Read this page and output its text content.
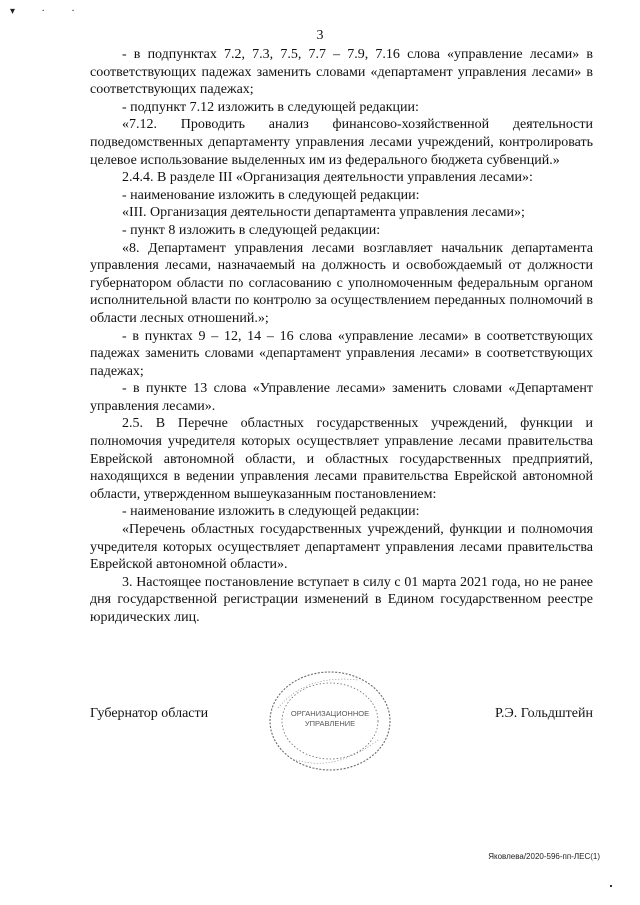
▾ · ·
3

- в подпунктах 7.2, 7.3, 7.5, 7.7 – 7.9, 7.16 слова «управление лесами» в соответствующих падежах заменить словами «департамент управления лесами» в соответствующих падежах;

- подпункт 7.12 изложить в следующей редакции:

«7.12. Проводить анализ финансово-хозяйственной деятельности подведомственных департаменту управления лесами учреждений, контролировать целевое использование выделенных им из федерального бюджета субвенций.»

2.4.4. В разделе III «Организация деятельности управления лесами»:

- наименование изложить в следующей редакции:

«III. Организация деятельности департамента управления лесами»;

- пункт 8 изложить в следующей редакции:

«8. Департамент управления лесами возглавляет начальник департамента управления лесами, назначаемый на должность и освобождаемый от должности губернатором области по согласованию с уполномоченным федеральным органом исполнительной власти по контролю за осуществлением переданных полномочий в области лесных отношений.»;

- в пунктах 9 – 12, 14 – 16 слова «управление лесами» в соответствующих падежах заменить словами «департамент управления лесами» в соответствующих падежах;

- в пункте 13 слова «Управление лесами» заменить словами «Департамент управления лесами».

2.5. В Перечне областных государственных учреждений, функции и полномочия учредителя которых осуществляет управление лесами правительства Еврейской автономной области, и областных государственных предприятий, находящихся в ведении управления лесами правительства Еврейской автономной области, утвержденном вышеуказанным постановлением:

- наименование изложить в следующей редакции:

«Перечень областных государственных учреждений, функции и полномочия учредителя которых осуществляет департамент управления лесами правительства Еврейской автономной области».

3. Настоящее постановление вступает в силу с 01 марта 2021 года, но не ранее дня государственной регистрации изменений в Едином государственном реестре юридических лиц.

Губернатор области	Р.Э. Гольдштейн
ОРГАНИЗАЦИОННОЕ
УПРАВЛЕНИЕ
Яковлева/2020-596-пп-ЛЕС(1)
